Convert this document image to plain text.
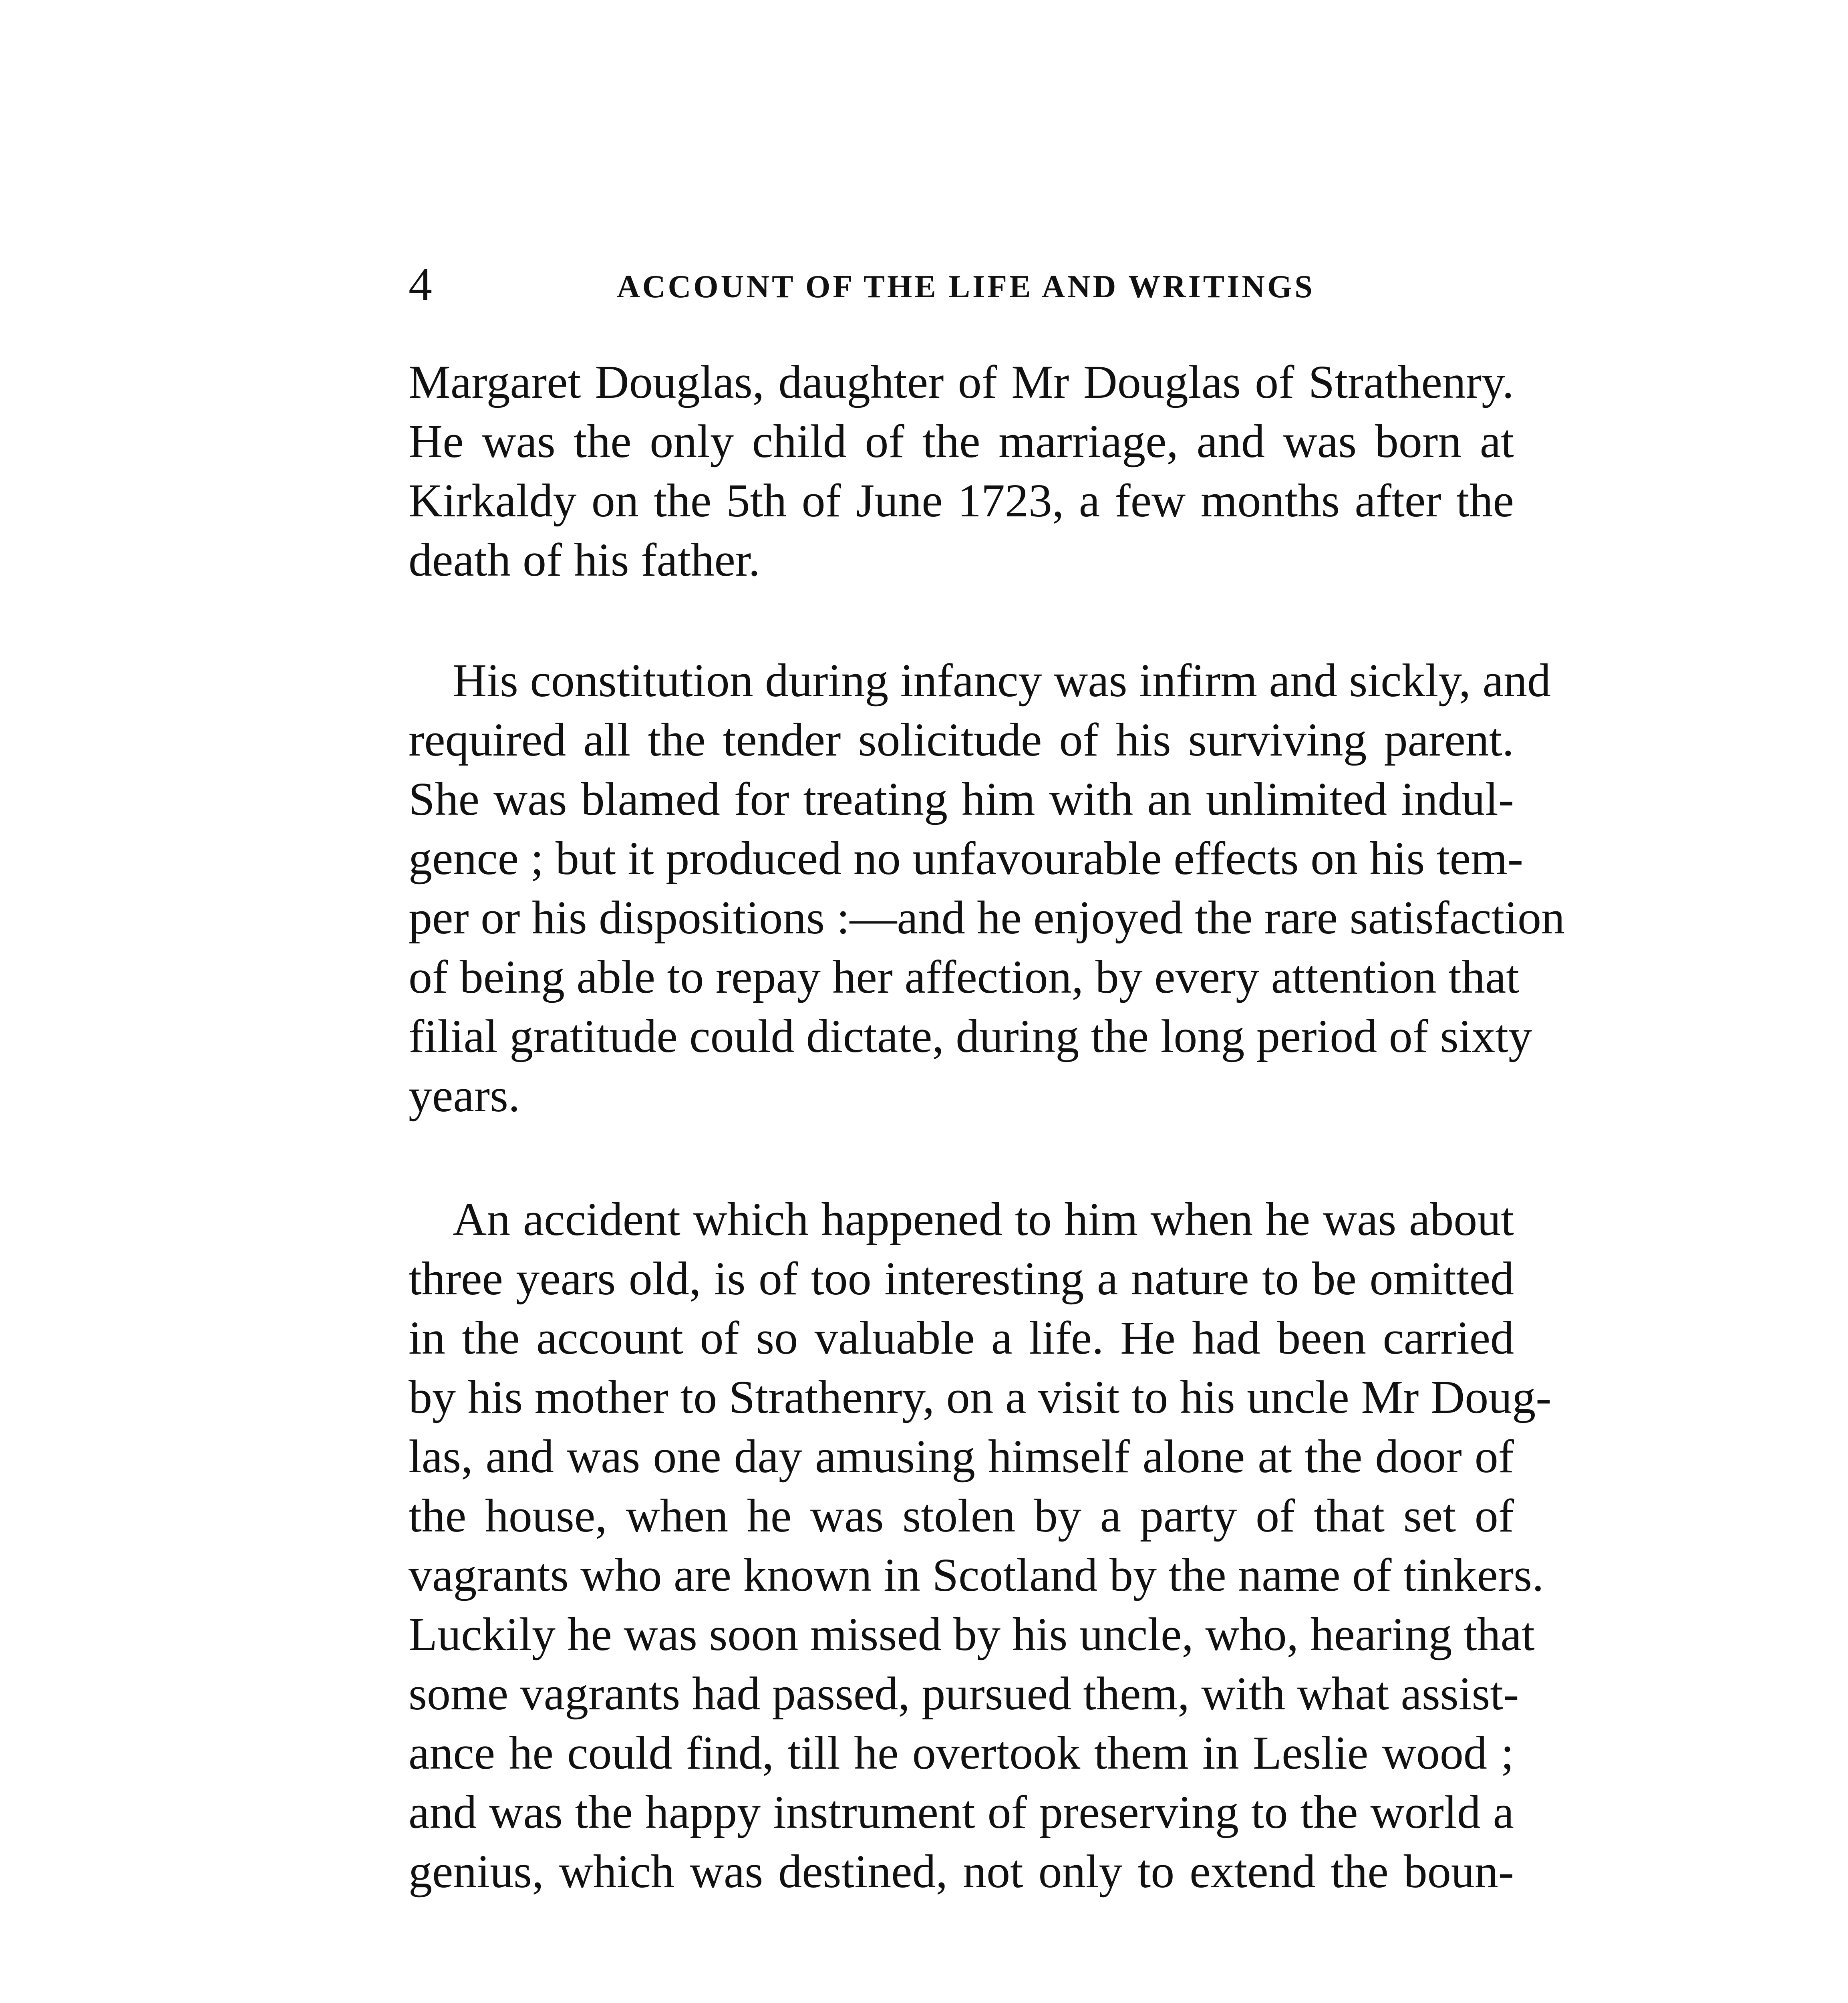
4	ACCOUNT OF THE LIFE AND WRITINGS
Margaret Douglas, daughter of Mr Douglas of Strathenry.
He was the only child of the marriage, and was born at
Kirkaldy on the 5th of June 1723, a few months after the
death of his father.
His constitution during infancy was infirm and sickly, and
required all the tender solicitude of his surviving parent.
She was blamed for treating him with an unlimited indul-
gence ; but it produced no unfavourable effects on his tem-
per or his dispositions :—and he enjoyed the rare satisfaction
of being able to repay her affection, by every attention that
filial gratitude could dictate, during the long period of sixty
years.
An accident which happened to him when he was about
three years old, is of too interesting a nature to be omitted
in the account of so valuable a life. He had been carried
by his mother to Strathenry, on a visit to his uncle Mr Doug-
las, and was one day amusing himself alone at the door of
the house, when he was stolen by a party of that set of
vagrants who are known in Scotland by the name of tinkers.
Luckily he was soon missed by his uncle, who, hearing that
some vagrants had passed, pursued them, with what assist-
ance he could find, till he overtook them in Leslie wood ;
and was the happy instrument of preserving to the world a
genius, which was destined, not only to extend the boun-
